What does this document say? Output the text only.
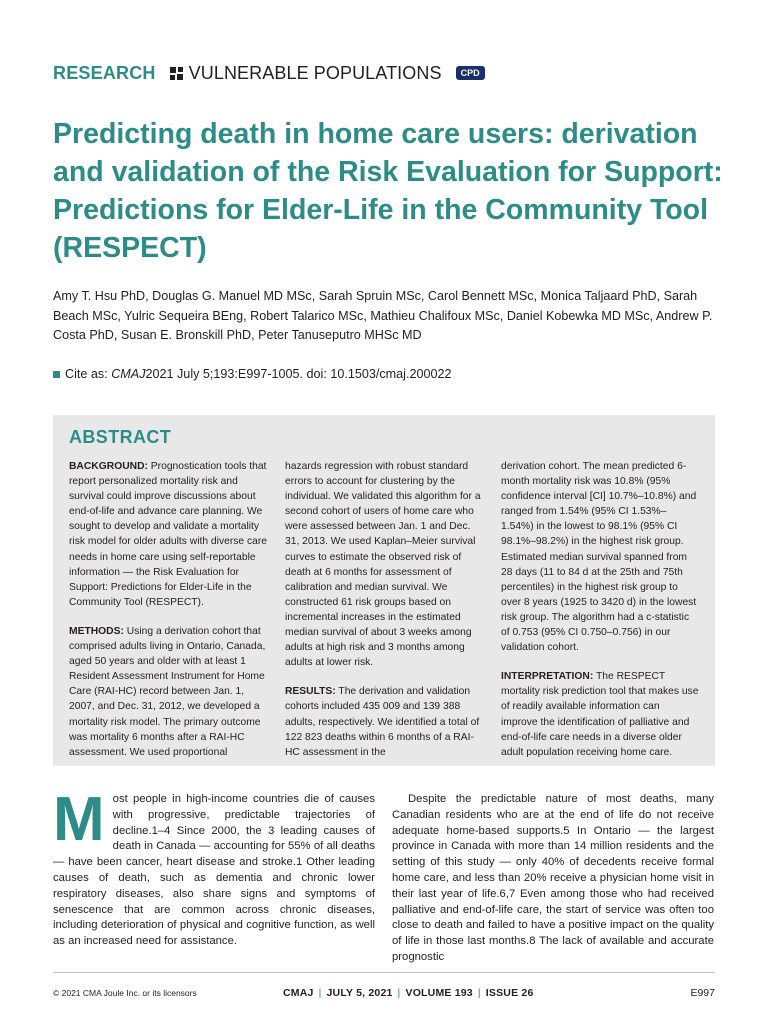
RESEARCH VULNERABLE POPULATIONS	CPD
Predicting death in home care users: derivation and validation of the Risk Evaluation for Support: Predictions for Elder-Life in the Community Tool (RESPECT)
Amy T. Hsu PhD, Douglas G. Manuel MD MSc, Sarah Spruin MSc, Carol Bennett MSc, Monica Taljaard PhD, Sarah Beach MSc, Yulric Sequeira BEng, Robert Talarico MSc, Mathieu Chalifoux MSc, Daniel Kobewka MD MSc, Andrew P. Costa PhD, Susan E. Bronskill PhD, Peter Tanuseputro MHSc MD
Cite as:
CMAJ 2021 July 5;193:E997-1005. doi: 10.1503/cmaj.200022
ABSTRACT

BACKGROUND: Prognostication tools that report personalized mortality risk and survival could improve discussions about end-of-life and advance care planning. We sought to develop and validate a mortality risk model for older adults with diverse care needs in home care using self-reportable information — the Risk Evaluation for Support: Predictions for Elder-Life in the Community Tool (RESPECT).

METHODS: Using a derivation cohort that comprised adults living in Ontario, Canada, aged 50 years and older with at least 1 Resident Assessment Instrument for Home Care (RAI-HC) record between Jan. 1, 2007, and Dec. 31, 2012, we developed a mortality risk model. The primary outcome was mortality 6 months after a RAI-HC assessment. We used proportional

hazards regression with robust standard errors to account for clustering by the individual. We validated this algorithm for a second cohort of users of home care who were assessed between Jan. 1 and Dec. 31, 2013. We used Kaplan–Meier survival curves to estimate the observed risk of death at 6 months for assessment of calibration and median survival. We constructed 61 risk groups based on incremental increases in the estimated median survival of about 3 weeks among adults at high risk and 3 months among adults at lower risk.

RESULTS: The derivation and validation cohorts included 435 009 and 139 388 adults, respectively. We identified a total of 122 823 deaths within 6 months of a RAI-HC assessment in the

derivation cohort. The mean predicted 6-month mortality risk was 10.8% (95% confidence interval [CI] 10.7%–10.8%) and ranged from 1.54% (95% CI 1.53%–1.54%) in the lowest to 98.1% (95% CI 98.1%–98.2%) in the highest risk group. Estimated median survival spanned from 28 days (11 to 84 d at the 25th and 75th percentiles) in the highest risk group to over 8 years (1925 to 3420 d) in the lowest risk group. The algorithm had a c-statistic of 0.753 (95% CI 0.750–0.756) in our validation cohort.

INTERPRETATION: The RESPECT mortality risk prediction tool that makes use of readily available information can improve the identification of palliative and end-of-life care needs in a diverse older adult population receiving home care.

M ost people in high-income countries die of causes with progressive, predictable trajectories of decline.1–4 Since 2000, the 3 leading causes of death in Canada — accounting for 55% of all deaths — have been cancer, heart disease and stroke.1 Other leading causes of death, such as dementia and chronic lower respiratory diseases, also share signs and symptoms of senescence that are common across chronic diseases, including deterioration of physical and cognitive function, as well as an increased need for assistance.

Despite the predictable nature of most deaths, many Canadian residents who are at the end of life do not receive adequate home-based supports.5 In Ontario — the largest province in Canada with more than 14 million residents and the setting of this study — only 40% of decedents receive formal home care, and less than 20% receive a physician home visit in their last year of life.6,7 Even among those who had received palliative and end-of-life care, the start of service was often too close to death and failed to have a positive impact on the quality of life in those last months.8 The lack of available and accurate prognostic

© 2021 CMA Joule Inc. or its licensors	CMAJ | JULY 5, 2021 | VOLUME 193 | ISSUE 26	E997
